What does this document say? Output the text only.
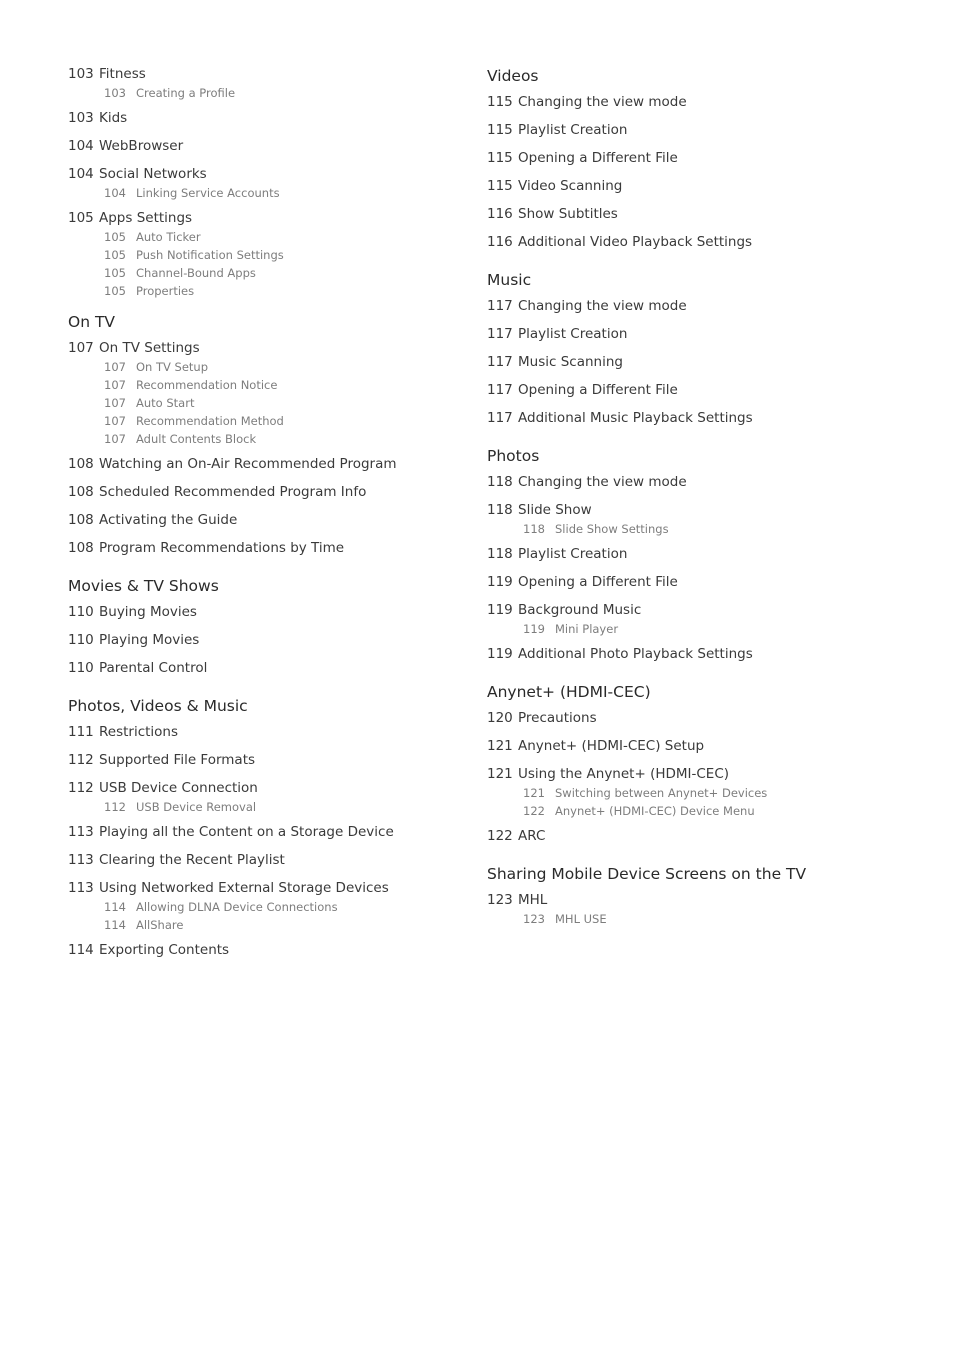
103 Fitness
103 Creating a Profile
103 Kids
104 WebBrowser
104 Social Networks
104 Linking Service Accounts
105 Apps Settings
105 Auto Ticker
105 Push Notification Settings
105 Channel-Bound Apps
105 Properties
On TV
107 On TV Settings
107 On TV Setup
107 Recommendation Notice
107 Auto Start
107 Recommendation Method
107 Adult Contents Block
108 Watching an On-Air Recommended Program
108 Scheduled Recommended Program Info
108 Activating the Guide
108 Program Recommendations by Time
Movies & TV Shows
110 Buying Movies
110 Playing Movies
110 Parental Control
Photos, Videos & Music
111 Restrictions
112 Supported File Formats
112 USB Device Connection
112 USB Device Removal
113 Playing all the Content on a Storage Device
113 Clearing the Recent Playlist
113 Using Networked External Storage Devices
114 Allowing DLNA Device Connections
114 AllShare
114 Exporting Contents
Videos
115 Changing the view mode
115 Playlist Creation
115 Opening a Different File
115 Video Scanning
116 Show Subtitles
116 Additional Video Playback Settings
Music
117 Changing the view mode
117 Playlist Creation
117 Music Scanning
117 Opening a Different File
117 Additional Music Playback Settings
Photos
118 Changing the view mode
118 Slide Show
118 Slide Show Settings
118 Playlist Creation
119 Opening a Different File
119 Background Music
119 Mini Player
119 Additional Photo Playback Settings
Anynet+ (HDMI-CEC)
120 Precautions
121 Anynet+ (HDMI-CEC) Setup
121 Using the Anynet+ (HDMI-CEC)
121 Switching between Anynet+ Devices
122 Anynet+ (HDMI-CEC) Device Menu
122 ARC
Sharing Mobile Device Screens on the TV
123 MHL
123 MHL USE
